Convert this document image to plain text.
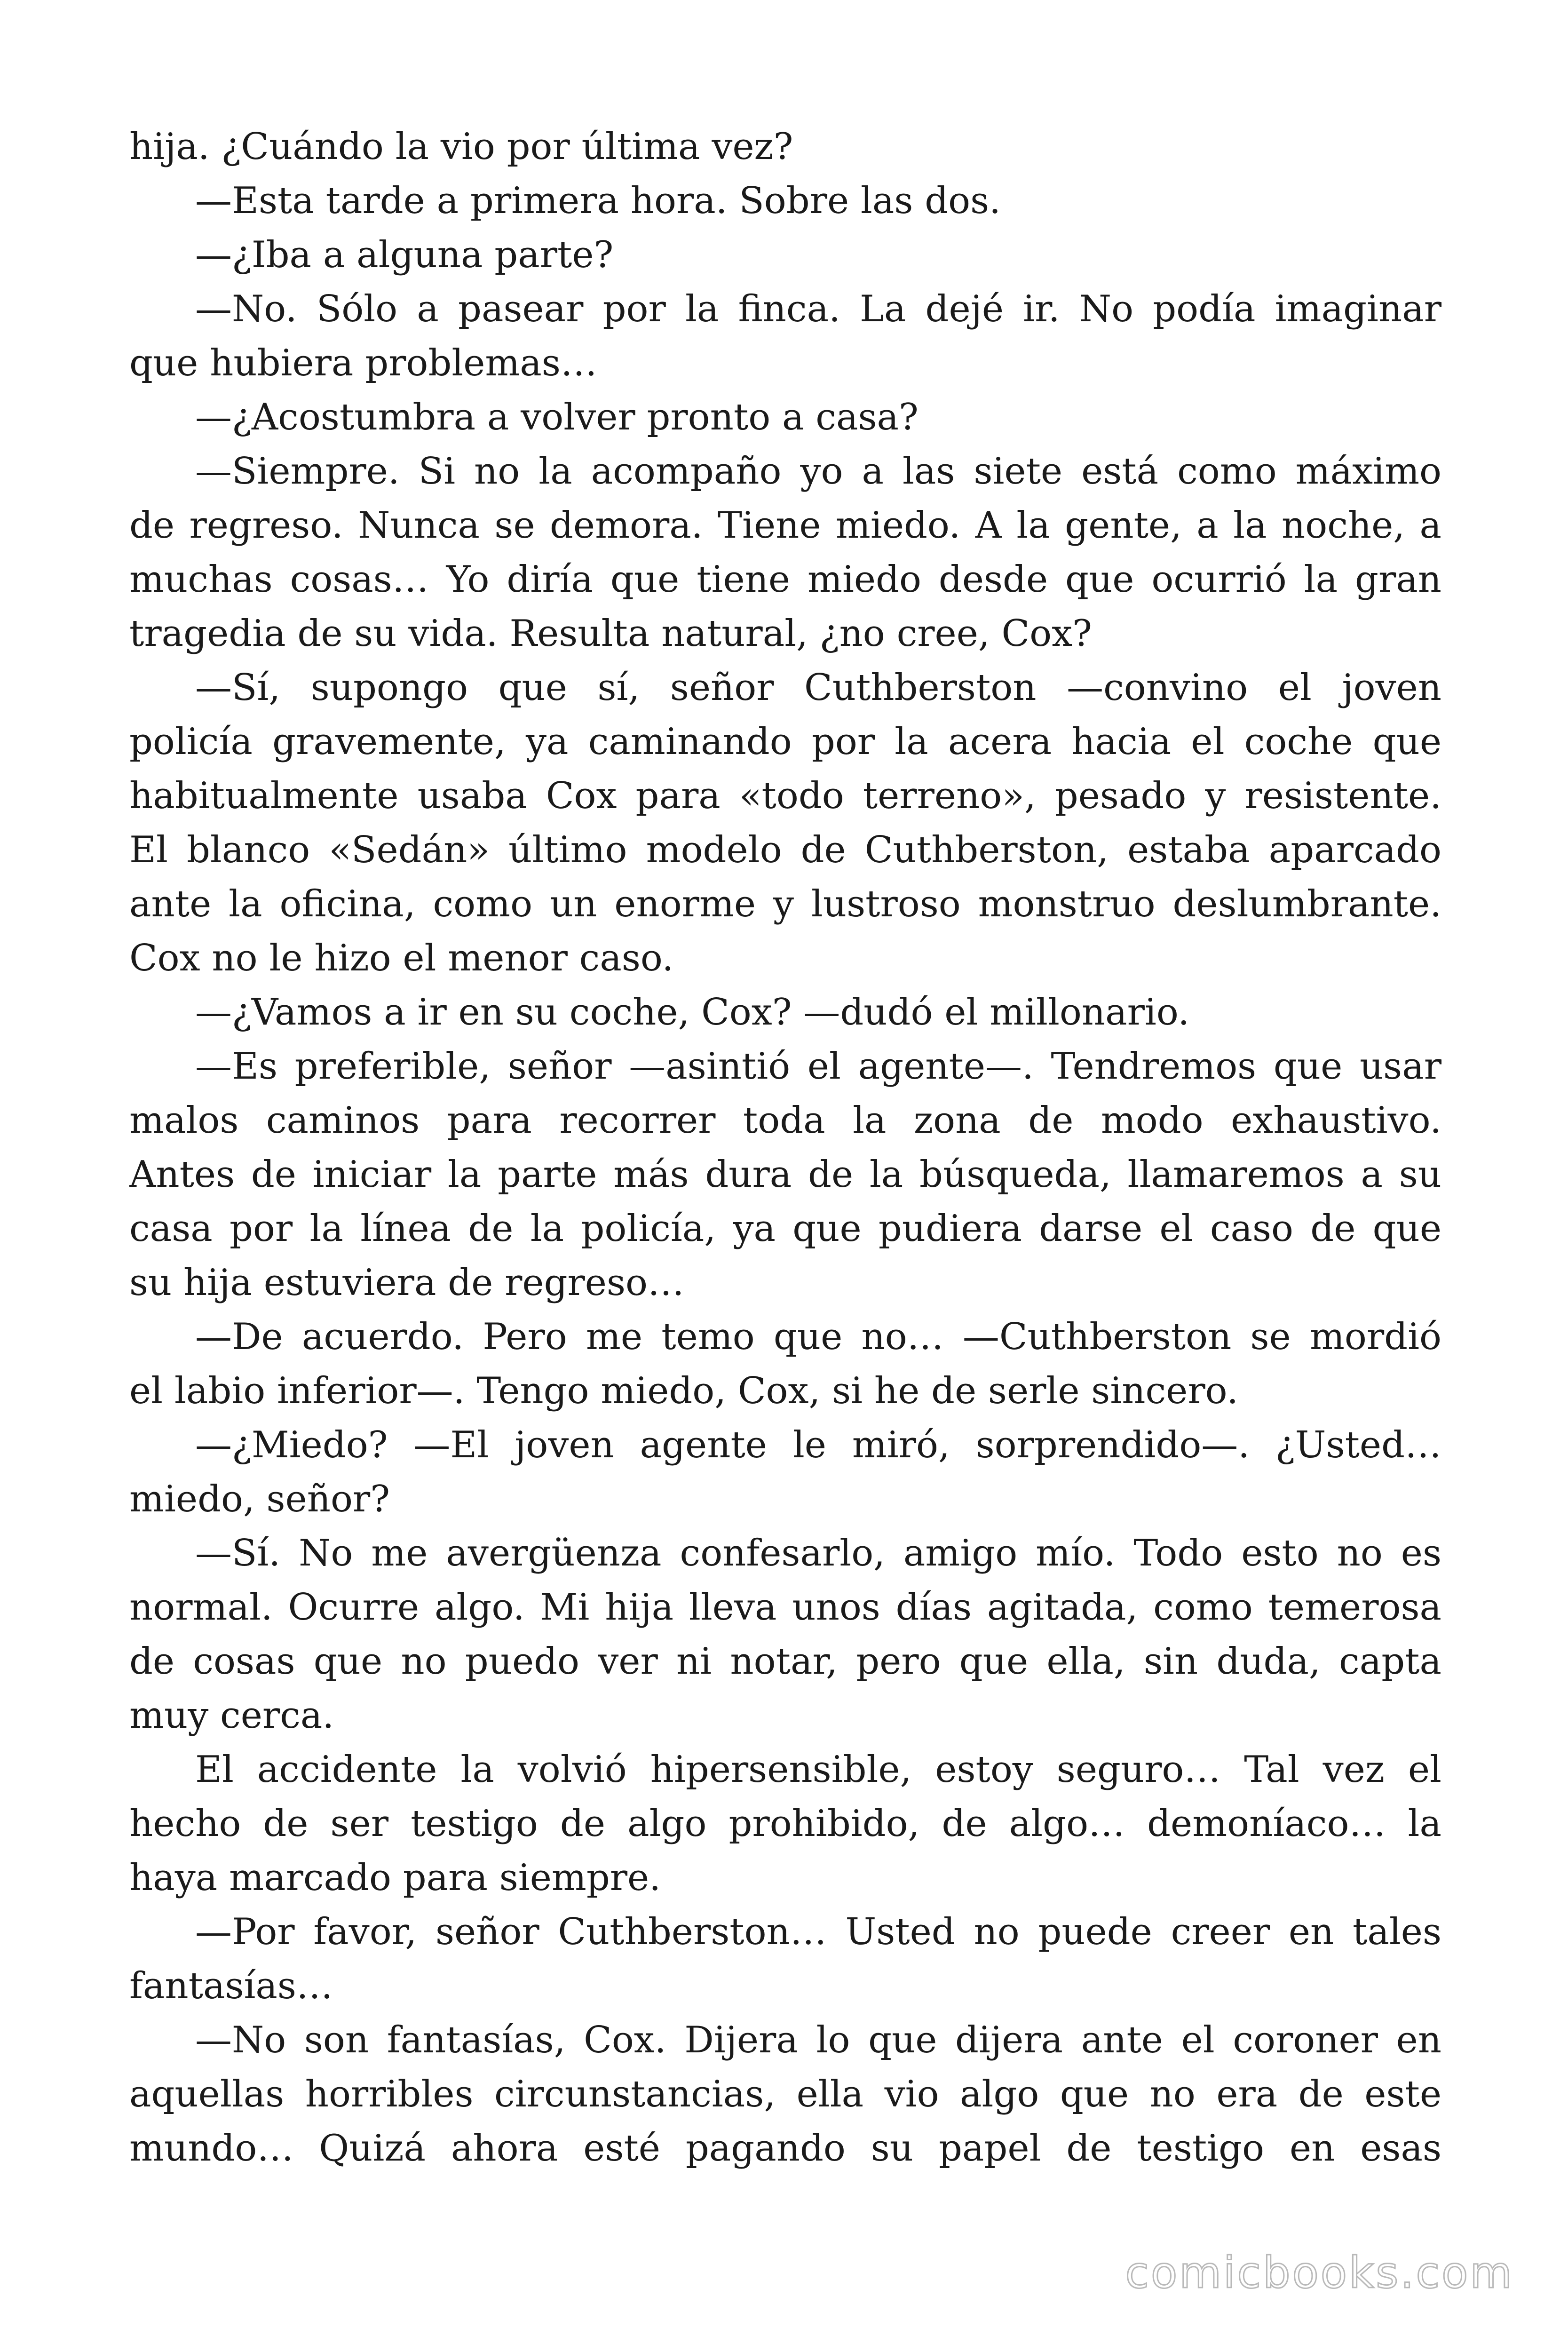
hija. ¿Cuándo la vio por última vez?
—Esta tarde a primera hora. Sobre las dos.
—¿Iba a alguna parte?
—No. Sólo a pasear por la finca. La dejé ir. No podía imaginar
que hubiera problemas…
—¿Acostumbra a volver pronto a casa?
—Siempre. Si no la acompaño yo a las siete está como máximo
de regreso. Nunca se demora. Tiene miedo. A la gente, a la noche, a
muchas cosas… Yo diría que tiene miedo desde que ocurrió la gran
tragedia de su vida. Resulta natural, ¿no cree, Cox?
—Sí, supongo que sí, señor Cuthberston —convino el joven
policía gravemente, ya caminando por la acera hacia el coche que
habitualmente usaba Cox para «todo terreno», pesado y resistente.
El blanco «Sedán» último modelo de Cuthberston, estaba aparcado
ante la oficina, como un enorme y lustroso monstruo deslumbrante.
Cox no le hizo el menor caso.
—¿Vamos a ir en su coche, Cox? —dudó el millonario.
—Es preferible, señor —asintió el agente—. Tendremos que usar
malos caminos para recorrer toda la zona de modo exhaustivo.
Antes de iniciar la parte más dura de la búsqueda, llamaremos a su
casa por la línea de la policía, ya que pudiera darse el caso de que
su hija estuviera de regreso…
—De acuerdo. Pero me temo que no… —Cuthberston se mordió
el labio inferior—. Tengo miedo, Cox, si he de serle sincero.
—¿Miedo? —El joven agente le miró, sorprendido—. ¿Usted…
miedo, señor?
—Sí. No me avergüenza confesarlo, amigo mío. Todo esto no es
normal. Ocurre algo. Mi hija lleva unos días agitada, como temerosa
de cosas que no puedo ver ni notar, pero que ella, sin duda, capta
muy cerca.
El accidente la volvió hipersensible, estoy seguro… Tal vez el
hecho de ser testigo de algo prohibido, de algo… demoníaco… la
haya marcado para siempre.
—Por favor, señor Cuthberston… Usted no puede creer en tales
fantasías…
—No son fantasías, Cox. Dijera lo que dijera ante el coroner en
aquellas horribles circunstancias, ella vio algo que no era de este
mundo… Quizá ahora esté pagando su papel de testigo en esas
comicbooks.com
